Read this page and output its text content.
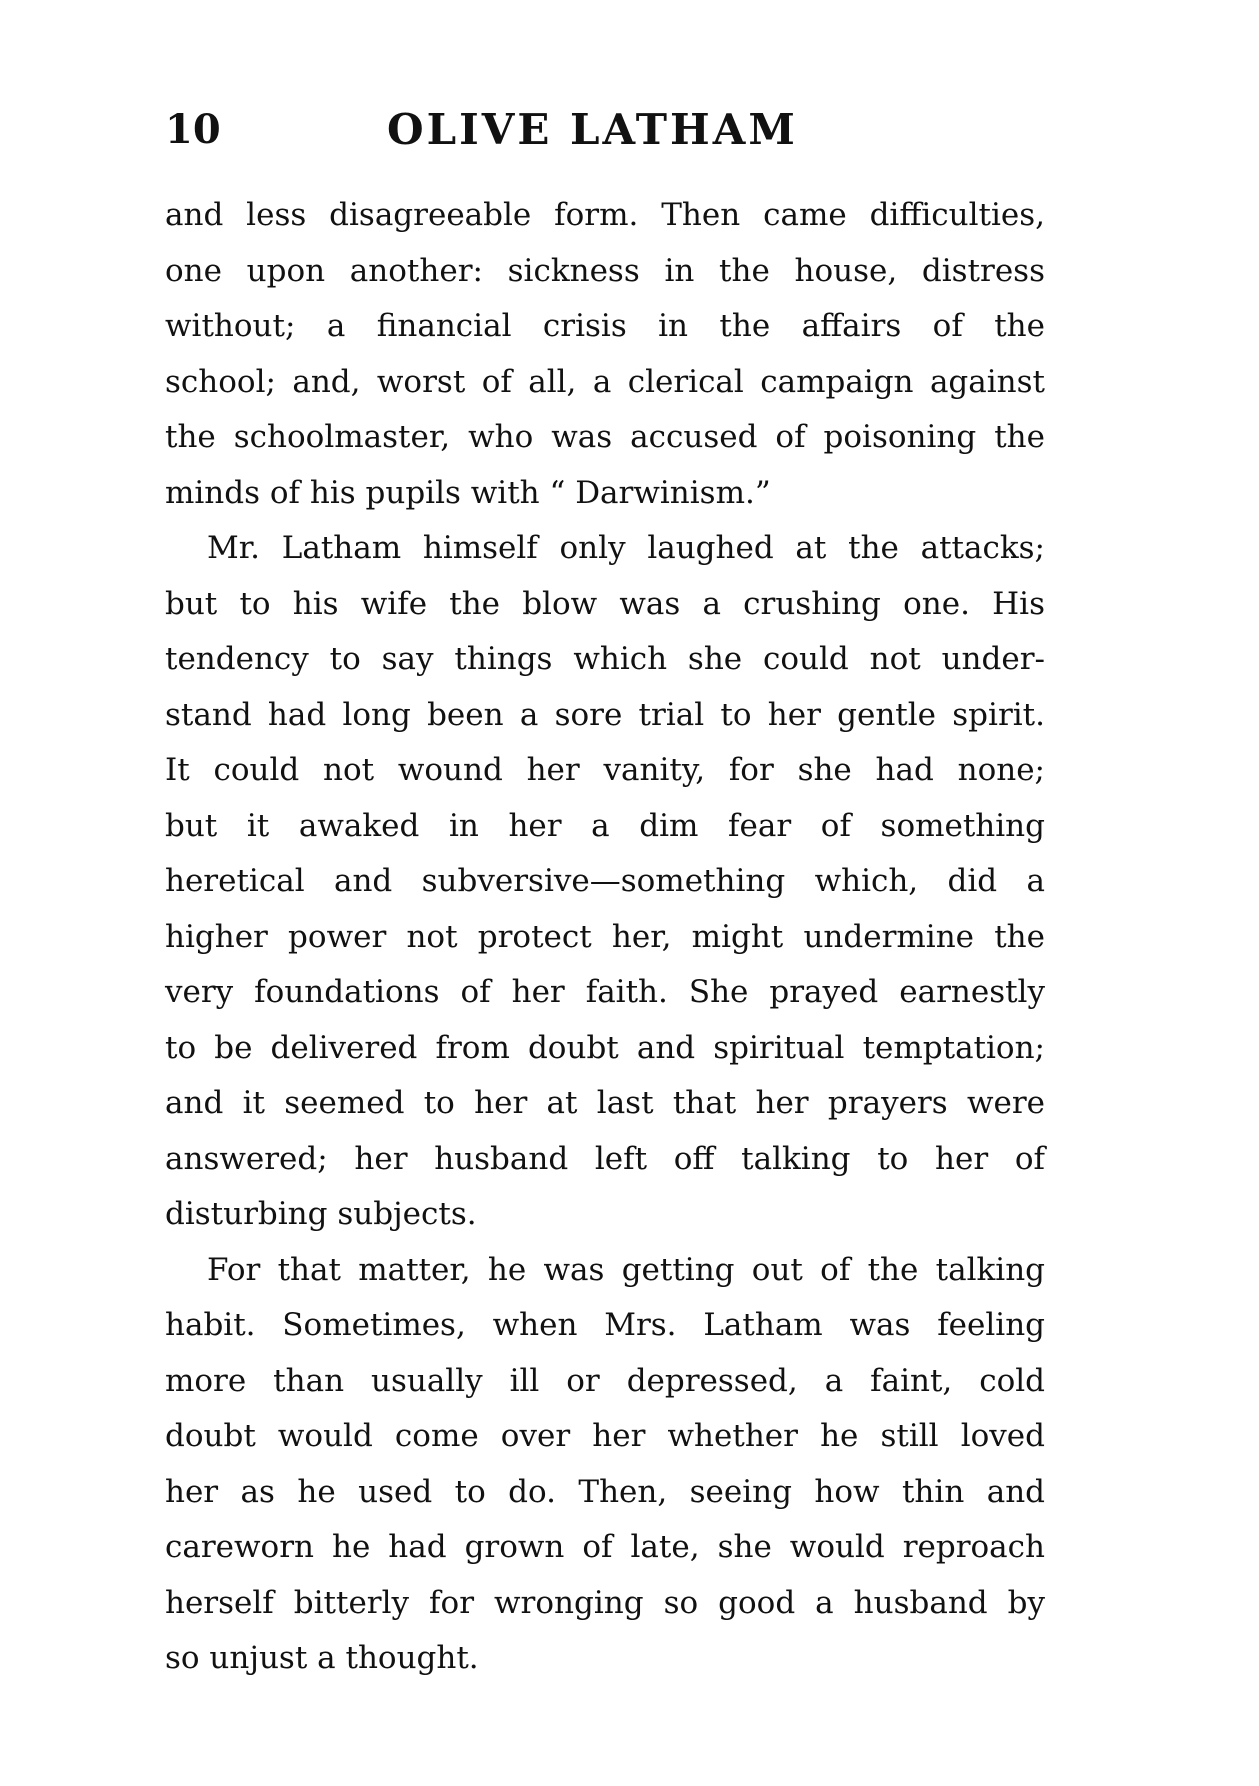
10	OLIVE LATHAM
and less disagreeable form. Then came difficulties,
one upon another: sickness in the house, distress
without; a financial crisis in the affairs of the
school; and, worst of all, a clerical campaign against
the schoolmaster, who was accused of poisoning the
minds of his pupils with “ Darwinism.”
Mr. Latham himself only laughed at the attacks;
but to his wife the blow was a crushing one. His
tendency to say things which she could not under-
stand had long been a sore trial to her gentle spirit.
It could not wound her vanity, for she had none;
but it awaked in her a dim fear of something
heretical and subversive—something which, did a
higher power not protect her, might undermine the
very foundations of her faith. She prayed earnestly
to be delivered from doubt and spiritual temptation;
and it seemed to her at last that her prayers were
answered; her husband left off talking to her of
disturbing subjects.
For that matter, he was getting out of the talking
habit. Sometimes, when Mrs. Latham was feeling
more than usually ill or depressed, a faint, cold
doubt would come over her whether he still loved
her as he used to do. Then, seeing how thin and
careworn he had grown of late, she would reproach
herself bitterly for wronging so good a husband by
so unjust a thought.
